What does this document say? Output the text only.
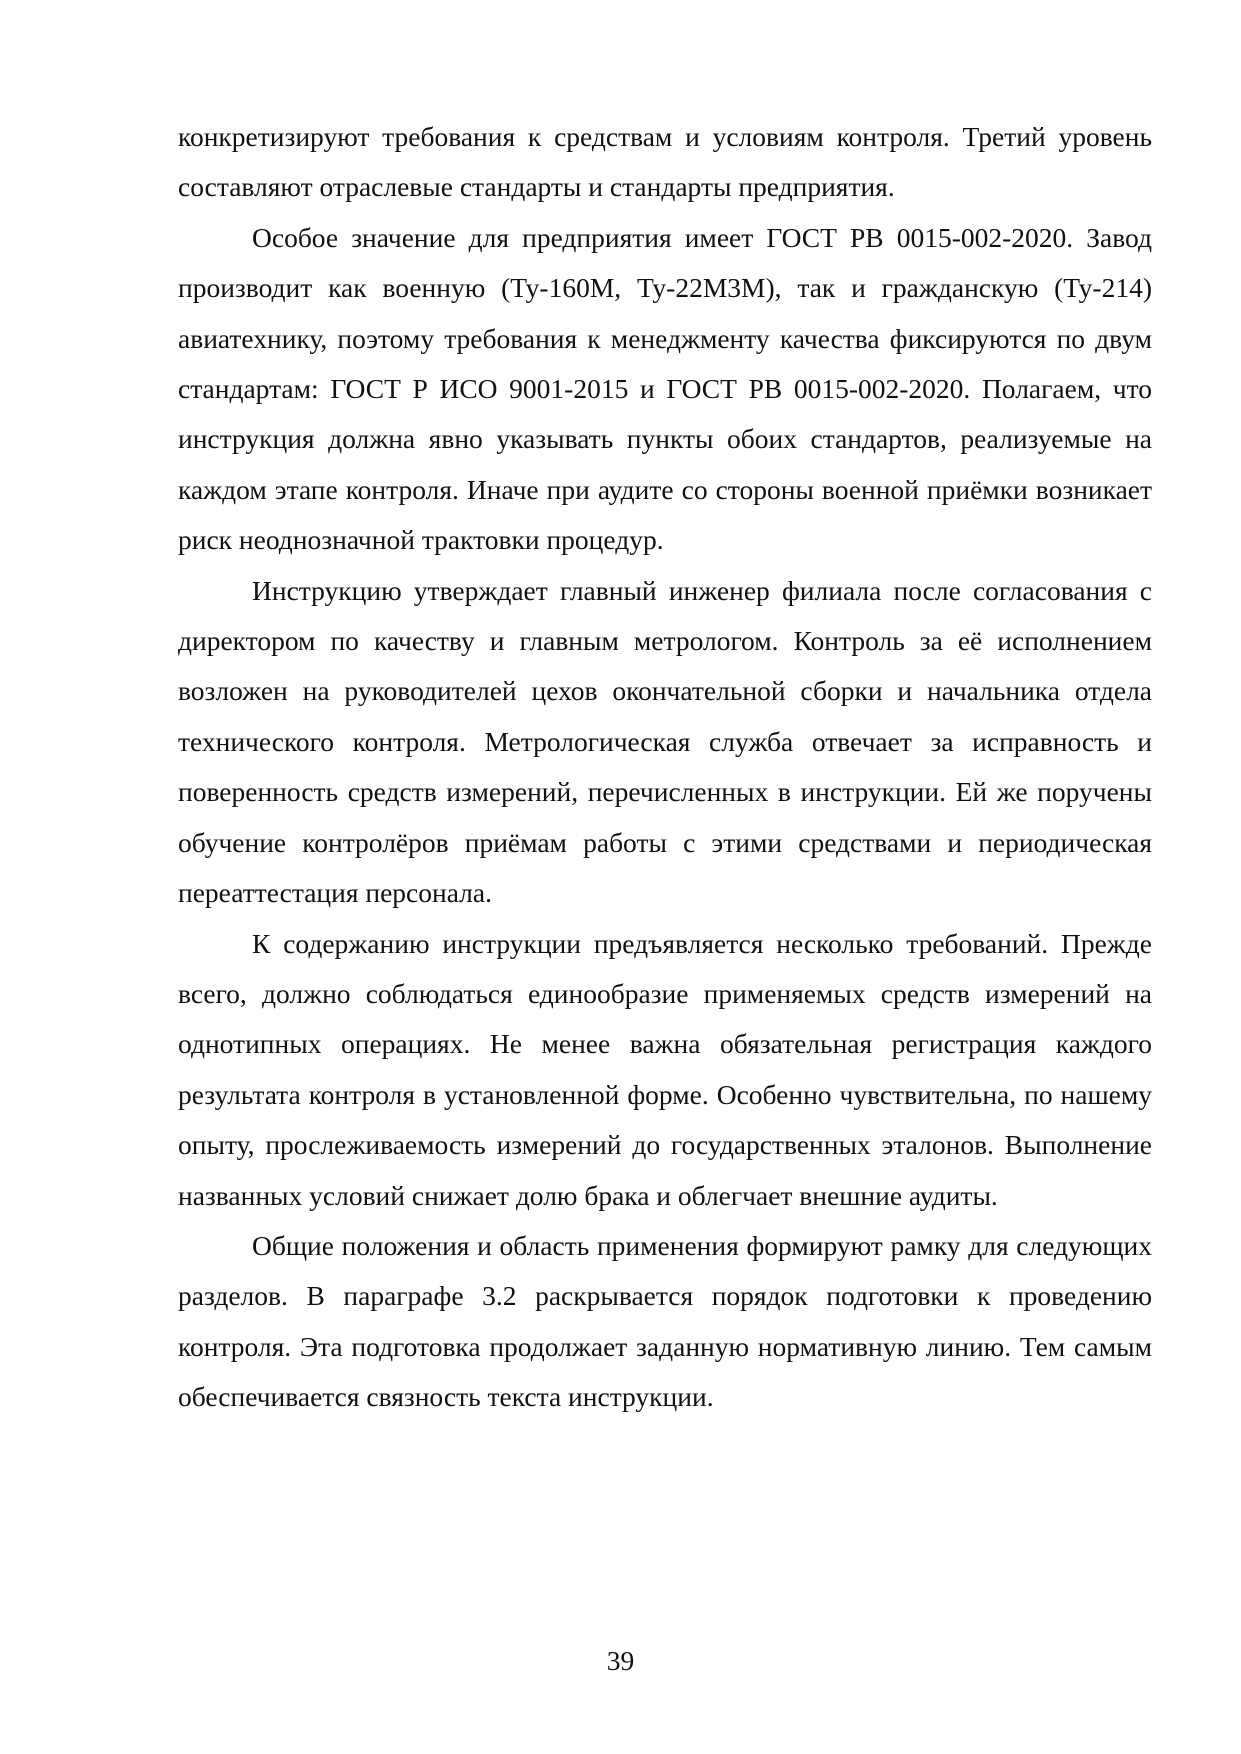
конкретизируют требования к средствам и условиям контроля. Третий уровень составляют отраслевые стандарты и стандарты предприятия.

Особое значение для предприятия имеет ГОСТ РВ 0015-002-2020. Завод производит как военную (Ту-160М, Ту-22М3М), так и гражданскую (Ту-214) авиатехнику, поэтому требования к менеджменту качества фиксируются по двум стандартам: ГОСТ Р ИСО 9001-2015 и ГОСТ РВ 0015-002-2020. Полагаем, что инструкция должна явно указывать пункты обоих стандартов, реализуемые на каждом этапе контроля. Иначе при аудите со стороны военной приёмки возникает риск неоднозначной трактовки процедур.

Инструкцию утверждает главный инженер филиала после согласования с директором по качеству и главным метрологом. Контроль за её исполнением возложен на руководителей цехов окончательной сборки и начальника отдела технического контроля. Метрологическая служба отвечает за исправность и поверенность средств измерений, перечисленных в инструкции. Ей же поручены обучение контролёров приёмам работы с этими средствами и периодическая переаттестация персонала.

К содержанию инструкции предъявляется несколько требований. Прежде всего, должно соблюдаться единообразие применяемых средств измерений на однотипных операциях. Не менее важна обязательная регистрация каждого результата контроля в установленной форме. Особенно чувствительна, по нашему опыту, прослеживаемость измерений до государственных эталонов. Выполнение названных условий снижает долю брака и облегчает внешние аудиты.

Общие положения и область применения формируют рамку для следующих разделов. В параграфе 3.2 раскрывается порядок подготовки к проведению контроля. Эта подготовка продолжает заданную нормативную линию. Тем самым обеспечивается связность текста инструкции.

39
